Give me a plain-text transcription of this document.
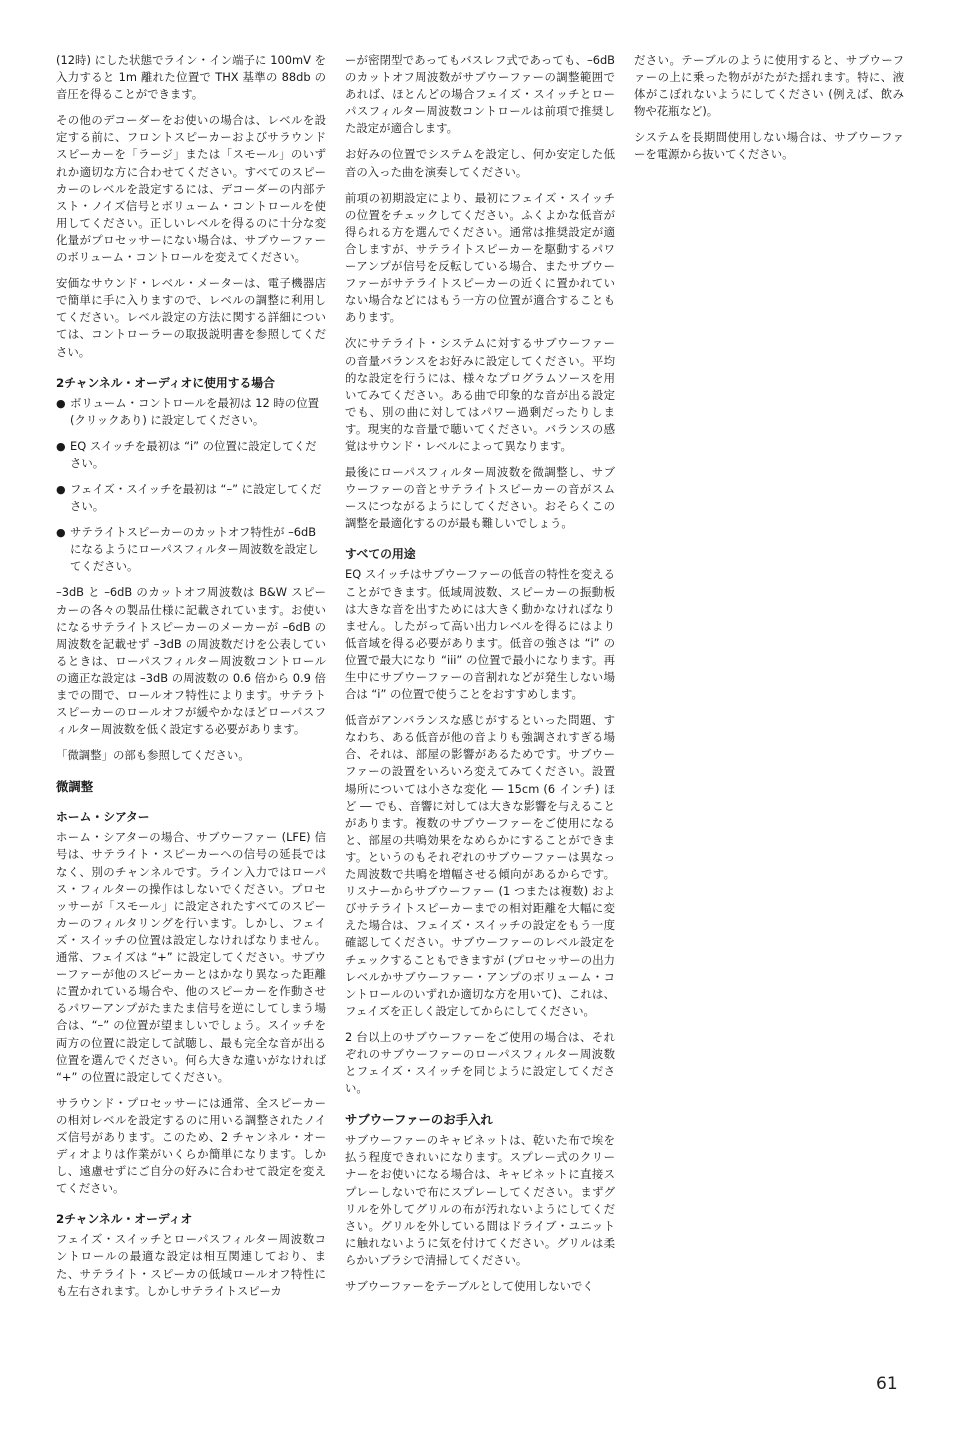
(12時) にした状態でライン・イン端子に 100mV を入力すると 1m 離れた位置で THX 基準の 88db の音圧を得ることができます。

その他のデコーダーをお使いの場合は、レベルを設定する前に、フロントスピーカーおよびサラウンドスピーカーを「ラージ」または「スモール」のいずれか適切な方に合わせてください。すべてのスピーカーのレベルを設定するには、デコーダーの内部テスト・ノイズ信号とボリューム・コントロールを使用してください。正しいレベルを得るのに十分な変化量がプロセッサーにない場合は、サブウーファーのボリューム・コントロールを変えてください。

安価なサウンド・レベル・メーターは、電子機器店で簡単に手に入りますので、レベルの調整に利用してください。レベル設定の方法に関する詳細については、コントローラーの取扱説明書を参照してください。

2チャンネル・オーディオに使用する場合
● ボリューム・コントロールを最初は 12 時の位置 (クリックあり) に設定してください。
● EQ スイッチを最初は “i” の位置に設定してください。
● フェイズ・スイッチを最初は “–” に設定してください。
● サテライトスピーカーのカットオフ特性が –6dB になるようにローパスフィルター周波数を設定してください。

–3dB と –6dB のカットオフ周波数は B&W スピーカーの各々の製品仕様に記載されています。お使いになるサテライトスピーカーのメーカーが –6dB の周波数を記載せず –3dB の周波数だけを公表しているときは、ローパスフィルター周波数コントロールの適正な設定は –3dB の周波数の 0.6 倍から 0.9 倍までの間で、ロールオフ特性によります。サテラトスピーカーのロールオフが緩やかなほどローパスフィルター周波数を低く設定する必要があります。

「微調整」の部も参照してください。

微調整
ホーム・シアター

ホーム・シアターの場合、サブウーファー (LFE) 信号は、サテライト・スピーカーへの信号の延長ではなく、別のチャンネルです。ライン入力ではローパス・フィルターの操作はしないでください。プロセッサーが「スモール」に設定されたすべてのスピーカーのフィルタリングを行います。しかし、フェイズ・スイッチの位置は設定しなければなりません。通常、フェイズは “+” に設定してください。サブウーファーが他のスピーカーとはかなり異なった距離に置かれている場合や、他のスピーカーを作動させるパワーアンプがたまたま信号を逆にしてしまう場合は、“–” の位置が望ましいでしょう。スイッチを両方の位置に設定して試聴し、最も完全な音が出る位置を選んでください。何ら大きな違いがなければ “+” の位置に設定してください。

サラウンド・プロセッサーには通常、全スピーカーの相対レベルを設定するのに用いる調整されたノイズ信号があります。このため、2 チャンネル・オーディオよりは作業がいくらか簡単になります。しかし、遠慮せずにご自分の好みに合わせて設定を変えてください。

2チャンネル・オーディオ

フェイズ・スイッチとローパスフィルター周波数コントロールの最適な設定は相互関連しており、また、サテライト・スピーカの低域ロールオフ特性にも左右されます。しかしサテライトスピーカ

ーが密閉型であってもバスレフ式であっても、–6dB のカットオフ周波数がサブウーファーの調整範囲であれば、ほとんどの場合フェイズ・スイッチとローパスフィルター周波数コントロールは前項で推奨した設定が適合します。

お好みの位置でシステムを設定し、何か安定した低音の入った曲を演奏してください。

前項の初期設定により、最初にフェイズ・スイッチの位置をチェックしてください。ふくよかな低音が得られる方を選んでください。通常は推奨設定が適合しますが、サテライトスピーカーを駆動するパワーアンプが信号を反転している場合、またサブウーファーがサテライトスピーカーの近くに置かれていない場合などにはもう一方の位置が適合することもあります。

次にサテライト・システムに対するサブウーファーの音量バランスをお好みに設定してください。平均的な設定を行うには、様々なプログラムソースを用いてみてください。ある曲で印象的な音が出る設定でも、別の曲に対してはパワー過剰だったりします。現実的な音量で聴いてください。バランスの感覚はサウンド・レベルによって異なります。

最後にローパスフィルター周波数を微調整し、サブウーファーの音とサテライトスピーカーの音がスムースにつながるようにしてください。おそらくこの調整を最適化するのが最も難しいでしょう。

すべての用途

EQ スイッチはサブウーファーの低音の特性を変えることができます。低域周波数、スピーカーの振動板は大きな音を出すためには大きく動かなければなりません。したがって高い出力レベルを得るにはより低音域を得る必要があります。低音の強さは “i” の位置で最大になり “iii” の位置で最小になります。再生中にサブウーファーの音割れなどが発生しない場合は “i” の位置で使うことをおすすめします。

低音がアンバランスな感じがするといった問題、すなわち、ある低音が他の音よりも強調されすぎる場合、それは、部屋の影響があるためです。サブウーファーの設置をいろいろ変えてみてください。設置場所については小さな変化 ― 15cm (6 インチ) ほど ― でも、音響に対しては大きな影響を与えることがあります。複数のサブウーファーをご使用になると、部屋の共鳴効果をなめらかにすることができます。というのもそれぞれのサブウーファーは異なった周波数で共鳴を増幅させる傾向があるからです。リスナーからサブウーファー (1 つまたは複数) およびサテライトスピーカーまでの相対距離を大幅に変えた場合は、フェイズ・スイッチの設定をもう一度確認してください。サブウーファーのレベル設定をチェックすることもできますが (プロセッサーの出力レベルかサブウーファー・アンプのボリューム・コントロールのいずれか適切な方を用いて)、これは、フェイズを正しく設定してからにしてください。

2 台以上のサブウーファーをご使用の場合は、それぞれのサブウーファーのローパスフィルター周波数とフェイズ・スイッチを同じように設定してください。

サブウーファーのお手入れ

サブウーファーのキャビネットは、乾いた布で埃を払う程度できれいになります。スプレー式のクリーナーをお使いになる場合は、キャビネットに直接スプレーしないで布にスプレーしてください。まずグリルを外してグリルの布が汚れないようにしてください。グリルを外している間はドライブ・ユニットに触れないように気を付けてください。グリルは柔らかいブラシで清掃してください。

サブウーファーをテーブルとして使用しないでく

ださい。テーブルのように使用すると、サブウーファーの上に乗った物ががたがた揺れます。特に、液体がこぼれないようにしてください (例えば、飲み物や花瓶など)。

システムを長期間使用しない場合は、サブウーファーを電源から抜いてください。

61
